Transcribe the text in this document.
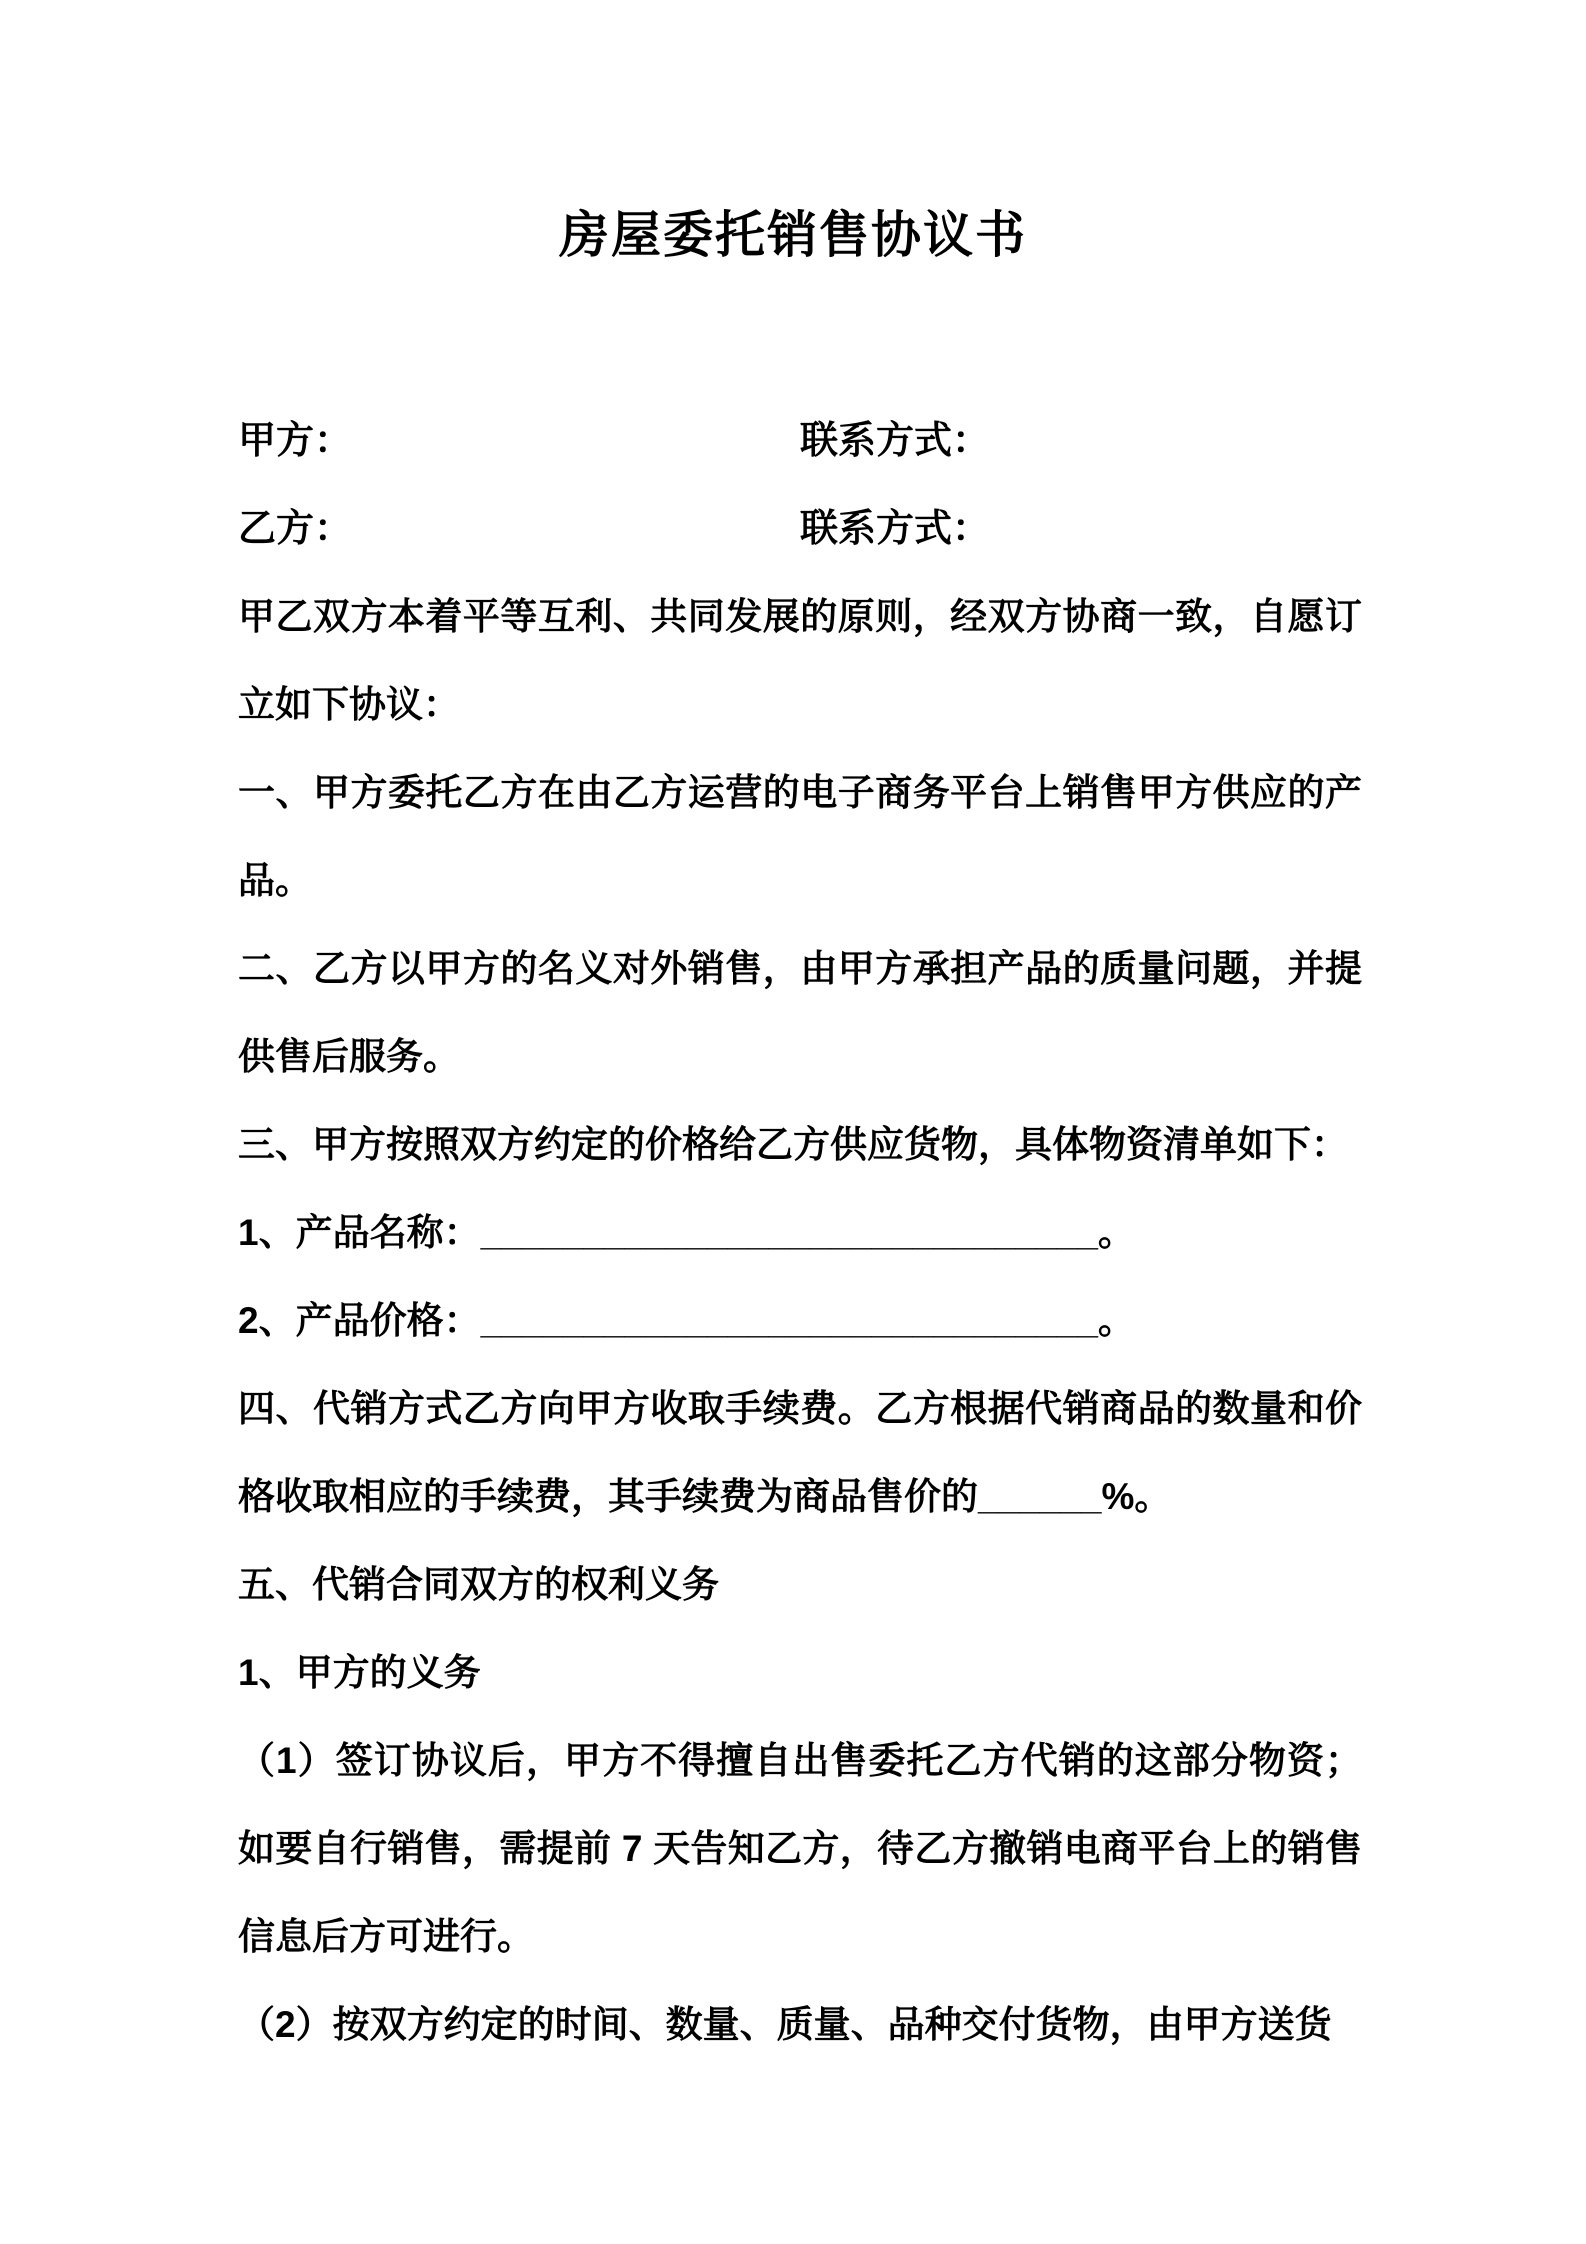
房屋委托销售协议书
甲方：	联系方式：
乙方：	联系方式：

甲乙双方本着平等互利、共同发展的原则，经双方协商一致，自愿订立如下协议：

一、甲方委托乙方在由乙方运营的电子商务平台上销售甲方供应的产品。

二、乙方以甲方的名义对外销售，由甲方承担产品的质量问题，并提供售后服务。

三、甲方按照双方约定的价格给乙方供应货物，具体物资清单如下：

1、产品名称：______________________________。

2、产品价格：______________________________。

四、代销方式乙方向甲方收取手续费。乙方根据代销商品的数量和价格收取相应的手续费，其手续费为商品售价的______%。

五、代销合同双方的权利义务

1、甲方的义务

（1）签订协议后，甲方不得擅自出售委托乙方代销的这部分物资；如要自行销售，需提前 7 天告知乙方，待乙方撤销电商平台上的销售信息后方可进行。

（2）按双方约定的时间、数量、质量、品种交付货物，由甲方送货
